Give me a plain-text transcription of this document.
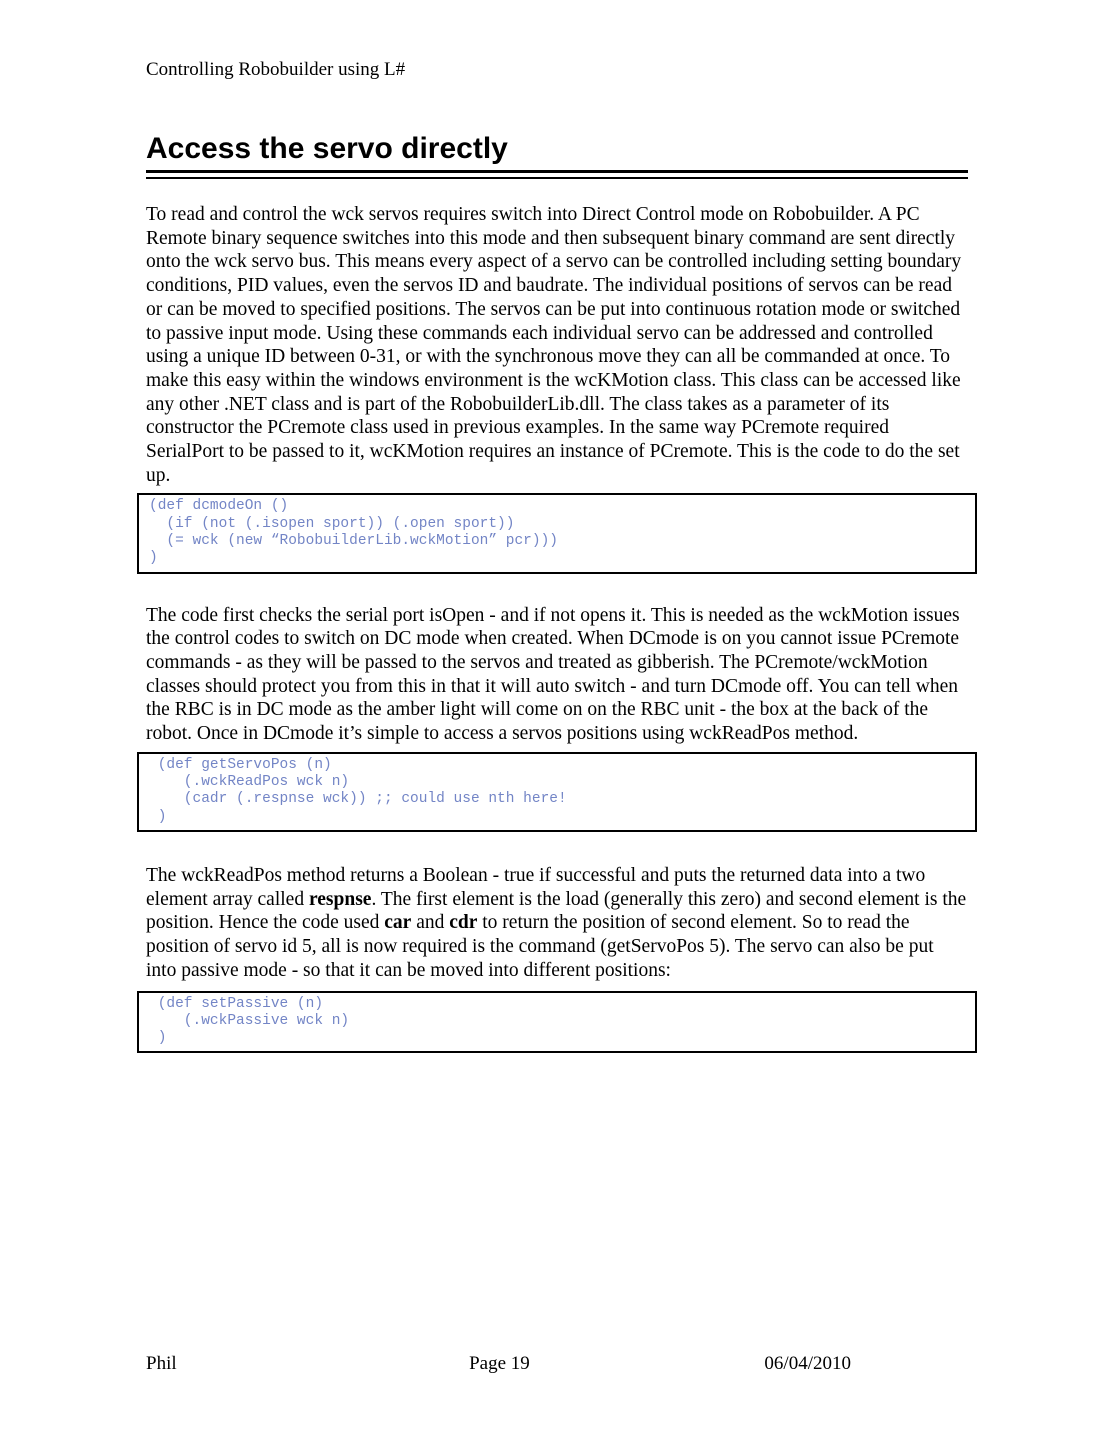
Controlling Robobuilder using L#
Access the servo directly

To read and control the wck servos requires switch into Direct Control mode on Robobuilder. A PC Remote binary sequence switches into this mode and then subsequent binary command are sent directly onto the wck servo bus. This means every aspect of a servo can be controlled including setting boundary conditions, PID values, even the servos ID and baudrate. The individual positions of servos can be read or can be moved to specified positions. The servos can be put into continuous rotation mode or switched to passive input mode. Using these commands each individual servo can be addressed and controlled using a unique ID between 0-31, or with the synchronous move they can all be commanded at once. To make this easy within the windows environment is the wcKMotion class. This class can be accessed like any other .NET class and is part of the RobobuilderLib.dll. The class takes as a parameter of its constructor the PCremote class used in previous examples. In the same way PCremote required SerialPort to be passed to it, wcKMotion requires an instance of PCremote. This is the code to do the set up.

(def dcmodeOn ()
(if (not (.isopen sport)) (.open sport))
(= wck (new “RobobuilderLib.wckMotion” pcr)))
)

The code first checks the serial port isOpen - and if not opens it. This is needed as the wckMotion issues the control codes to switch on DC mode when created. When DCmode is on you cannot issue PCremote commands - as they will be passed to the servos and treated as gibberish. The PCremote/wckMotion classes should protect you from this in that it will auto switch - and turn DCmode off. You can tell when the RBC is in DC mode as the amber light will come on on the RBC unit - the box at the back of the robot. Once in DCmode it’s simple to access a servos positions using wckReadPos method.

(def getServoPos (n)
(.wckReadPos wck n)
(cadr (.respnse wck)) ;; could use nth here!
)

The wckReadPos method returns a Boolean - true if successful and puts the returned data into a two element array called respnse. The first element is the load (generally this zero) and second element is the position. Hence the code used car and cdr to return the position of second element. So to read the position of servo id 5, all is now required is the command (getServoPos 5). The servo can also be put into passive mode - so that it can be moved into different positions:

(def setPassive (n)
(.wckPassive wck n)
)
Phil	Page 19	06/04/2010
